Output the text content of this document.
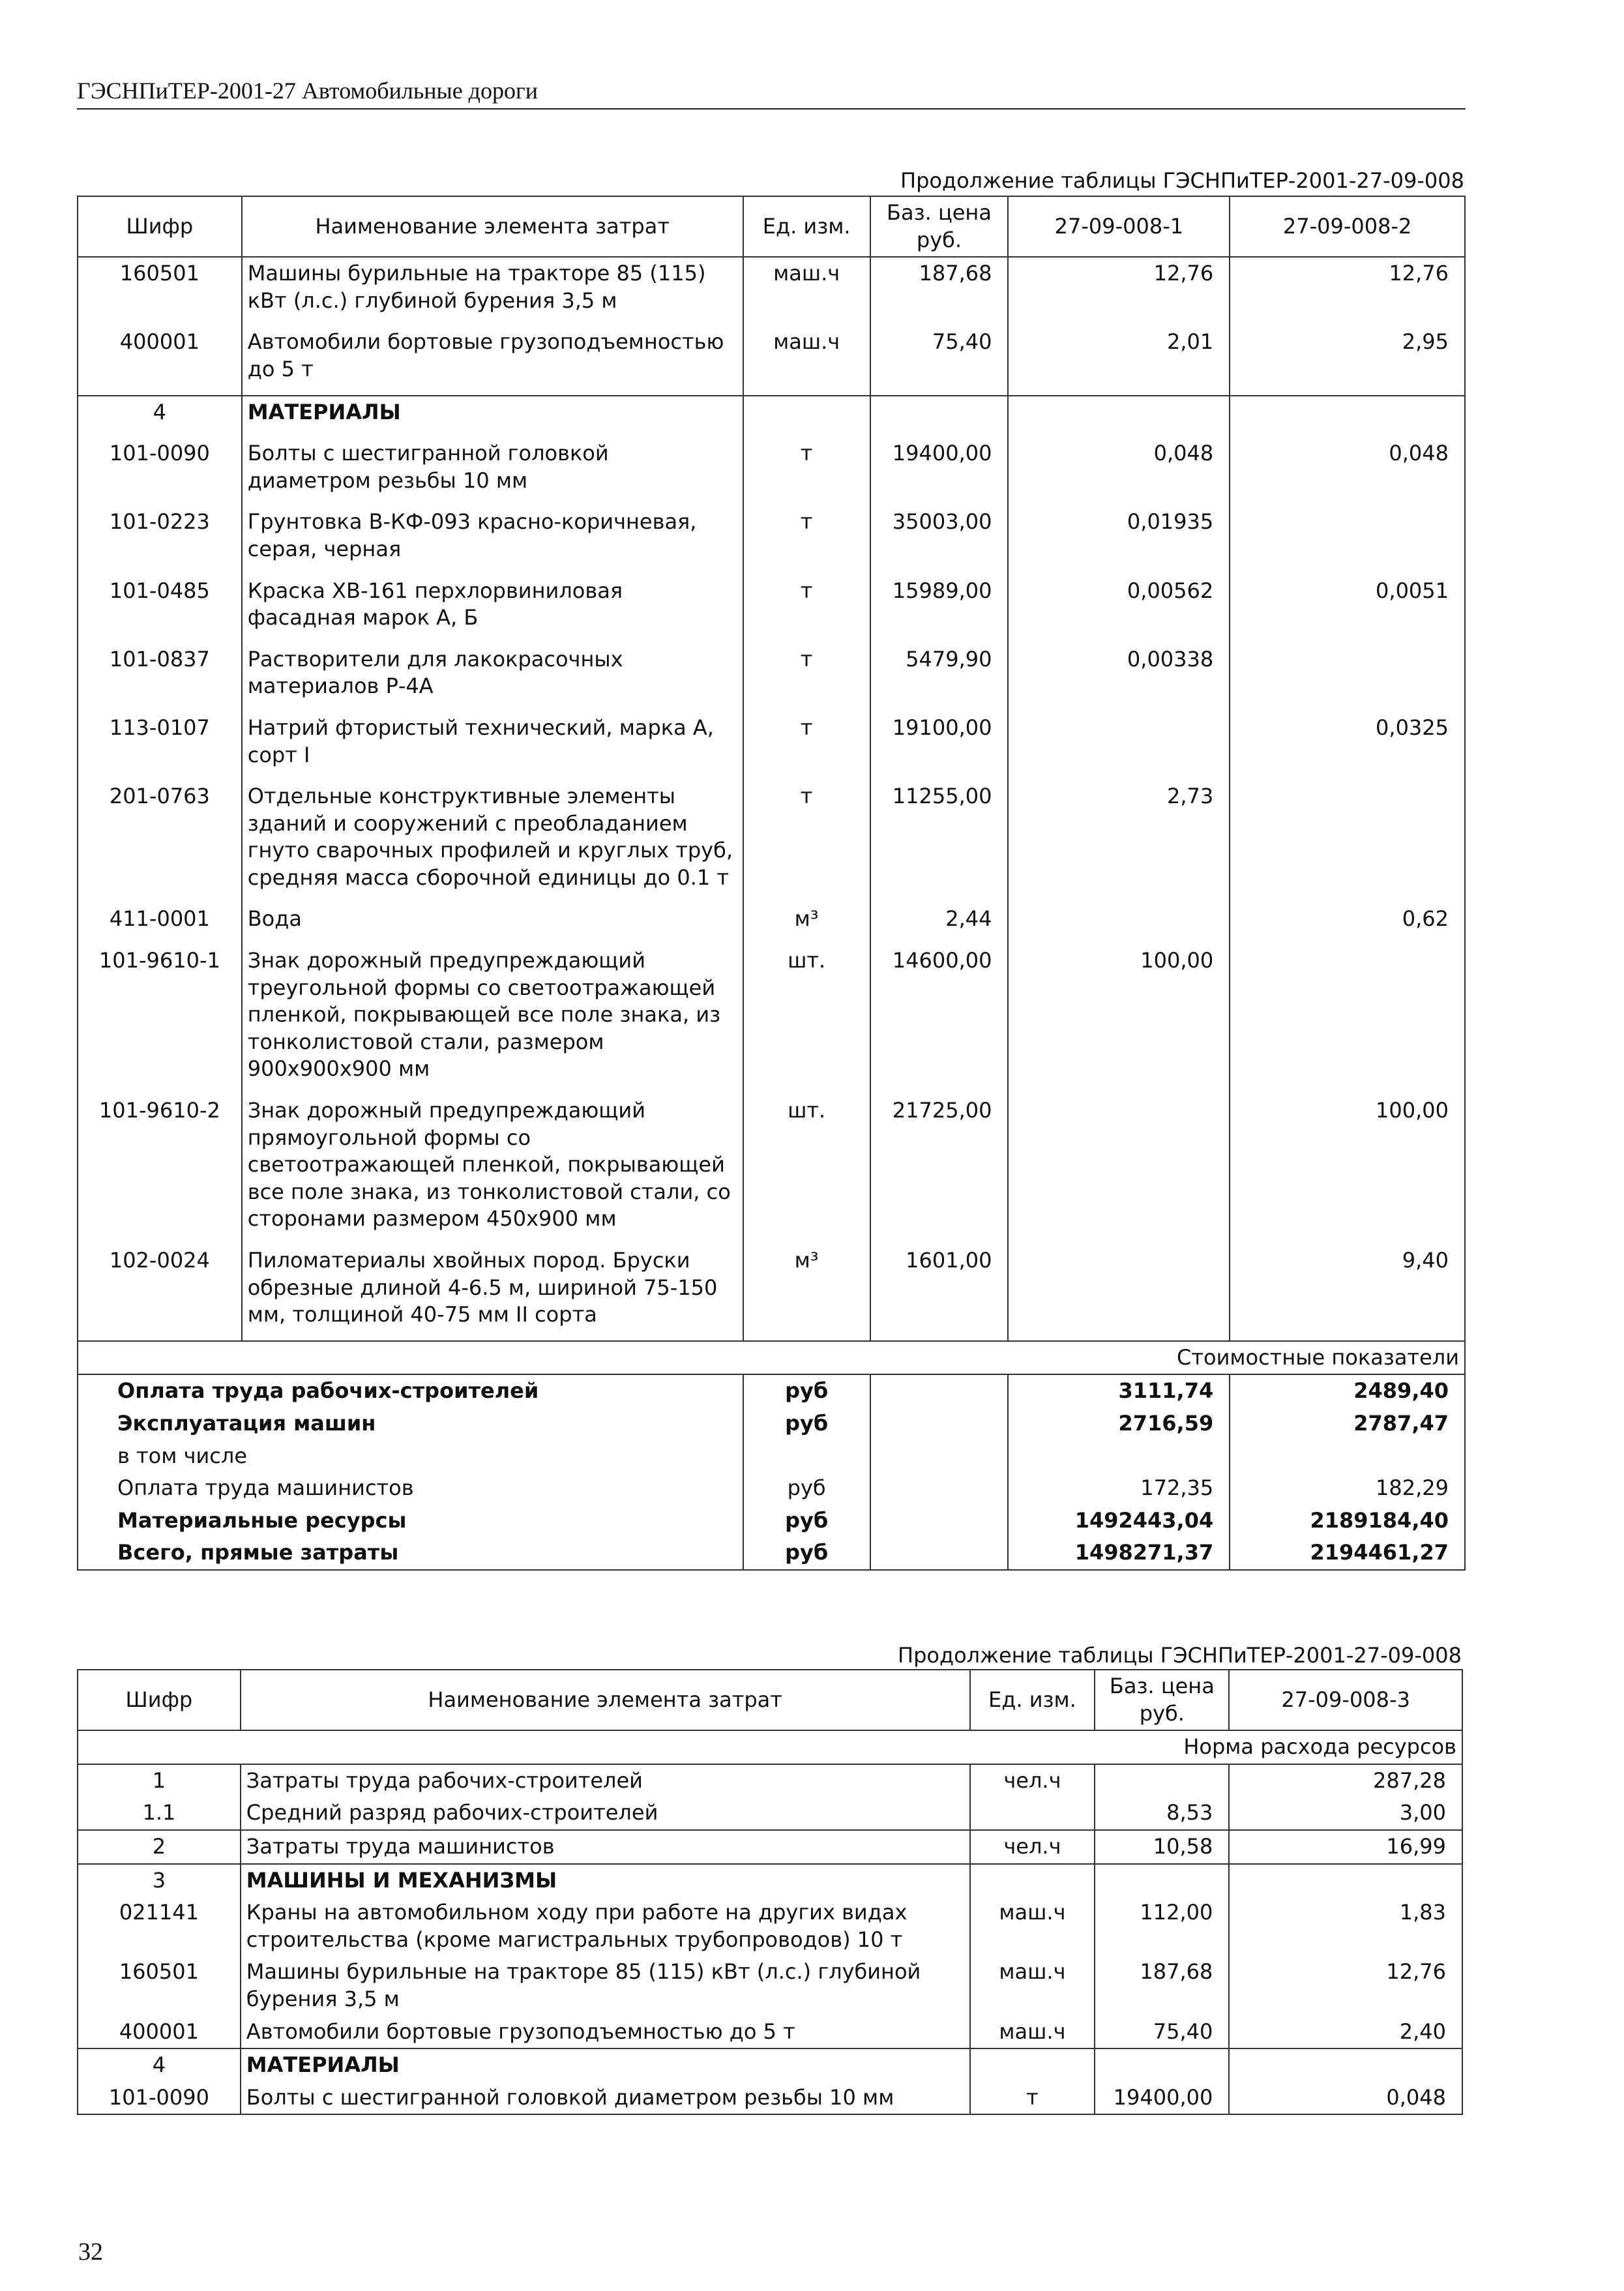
ГЭСНПиТЕР-2001-27 Автомобильные дороги
Продолжение таблицы ГЭСНПиТЕР-2001-27-09-008
Шифр	Наименование элемента затрат	Ед. изм.	Баз. цена руб.	27-09-008-1	27-09-008-2
160501	Машины бурильные на тракторе 85 (115) кВт (л.с.) глубиной бурения 3,5 м	маш.ч	187,68	12,76	12,76
400001	Автомобили бортовые грузоподъемностью до 5 т	маш.ч	75,40	2,01	2,95
4	МАТЕРИАЛЫ				
101-0090	Болты с шестигранной головкой диаметром резьбы 10 мм	т	19400,00	0,048	0,048
101-0223	Грунтовка В-КФ-093 красно-коричневая, серая, черная	т	35003,00	0,01935	
101-0485	Краска ХВ-161 перхлорвиниловая фасадная марок А, Б	т	15989,00	0,00562	0,0051
101-0837	Растворители для лакокрасочных материалов Р-4А	т	5479,90	0,00338	
113-0107	Натрий фтористый технический, марка А, сорт I	т	19100,00		0,0325
201-0763	Отдельные конструктивные элементы зданий и сооружений с преобладанием гнуто сварочных профилей и круглых труб, средняя масса сборочной единицы до 0.1 т	т	11255,00	2,73	
411-0001	Вода	м³	2,44		0,62
101-9610-1	Знак дорожный предупреждающий треугольной формы со светоотражающей пленкой, покрывающей все поле знака, из тонколистовой стали, размером 900х900х900 мм	шт.	14600,00	100,00	
101-9610-2	Знак дорожный предупреждающий прямоугольной формы со светоотражающей пленкой, покрывающей все поле знака, из тонколистовой стали, со сторонами размером 450х900 мм	шт.	21725,00		100,00
102-0024	Пиломатериалы хвойных пород. Бруски обрезные длиной 4-6.5 м, шириной 75-150 мм, толщиной 40-75 мм II сорта	м³	1601,00		9,40
Стоимостные показатели					
Оплата труда рабочих-строителей		руб		3111,74	2489,40
Эксплуатация машин		руб		2716,59	2787,47
в том числе					
Оплата труда машинистов		руб		172,35	182,29
Материальные ресурсы		руб		1492443,04	2189184,40
Всего, прямые затраты		руб		1498271,37	2194461,27
Продолжение таблицы ГЭСНПиТЕР-2001-27-09-008
Шифр	Наименование элемента затрат	Ед. изм.	Баз. цена руб.	27-09-008-3
Норма расхода ресурсов				
1	Затраты труда рабочих-строителей	чел.ч		287,28
1.1	Средний разряд рабочих-строителей		8,53	3,00
2	Затраты труда машинистов	чел.ч	10,58	16,99
3	МАШИНЫ И МЕХАНИЗМЫ			
021141	Краны на автомобильном ходу при работе на других видах строительства (кроме магистральных трубопроводов) 10 т	маш.ч	112,00	1,83
160501	Машины бурильные на тракторе 85 (115) кВт (л.с.) глубиной бурения 3,5 м	маш.ч	187,68	12,76
400001	Автомобили бортовые грузоподъемностью до 5 т	маш.ч	75,40	2,40
4	МАТЕРИАЛЫ			
101-0090	Болты с шестигранной головкой диаметром резьбы 10 мм	т	19400,00	0,048
32
